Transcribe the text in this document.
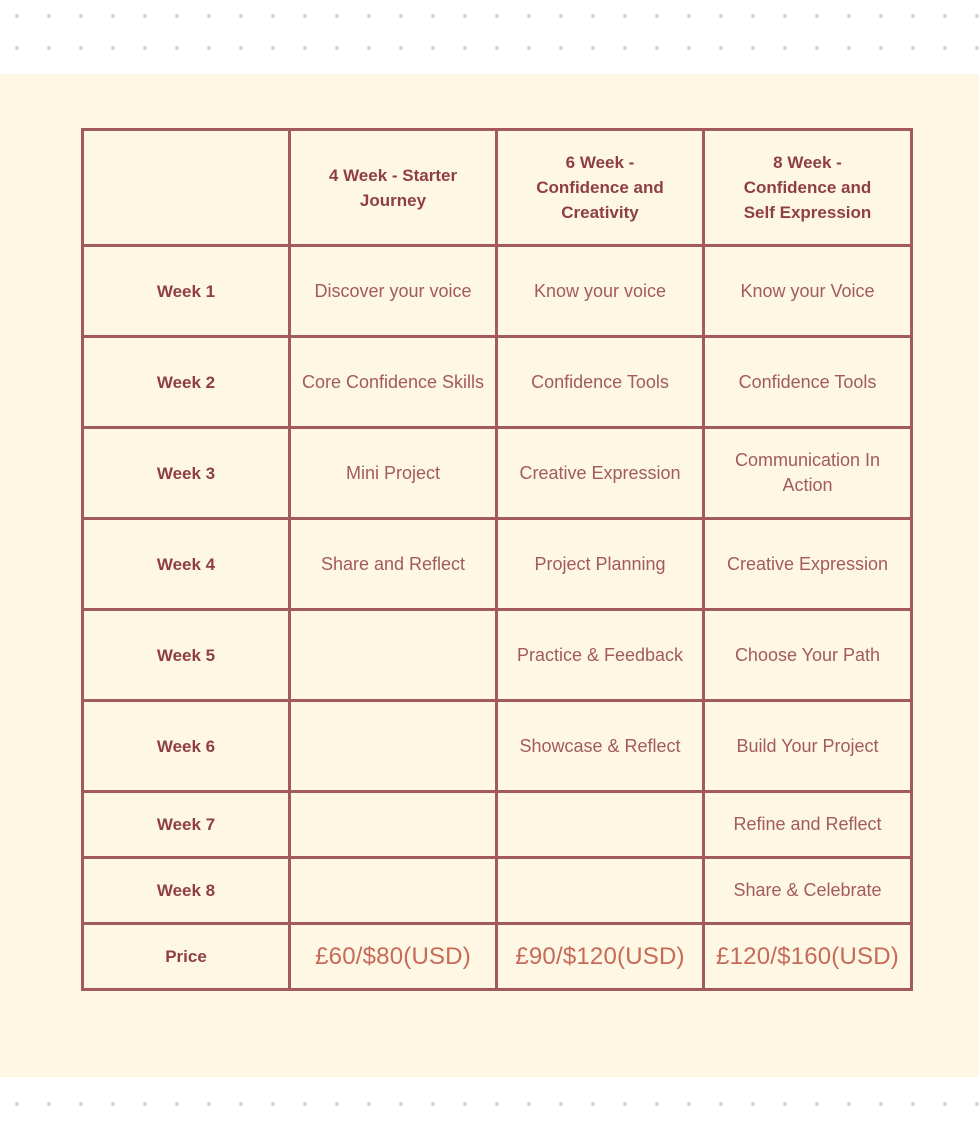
	4 Week - Starter Journey	6 Week - Confidence and Creativity	8 Week - Confidence and Self Expression
Week 1	Discover your voice	Know your voice	Know your Voice
Week 2	Core Confidence Skills	Confidence Tools	Confidence Tools
Week 3	Mini Project	Creative Expression	Communication In Action
Week 4	Share and Reflect	Project Planning	Creative Expression
Week 5		Practice & Feedback	Choose Your Path
Week 6		Showcase & Reflect	Build Your Project
Week 7			Refine and Reflect
Week 8			Share & Celebrate
Price	£60/$80(USD)	£90/$120(USD)	£120/$160(USD)
